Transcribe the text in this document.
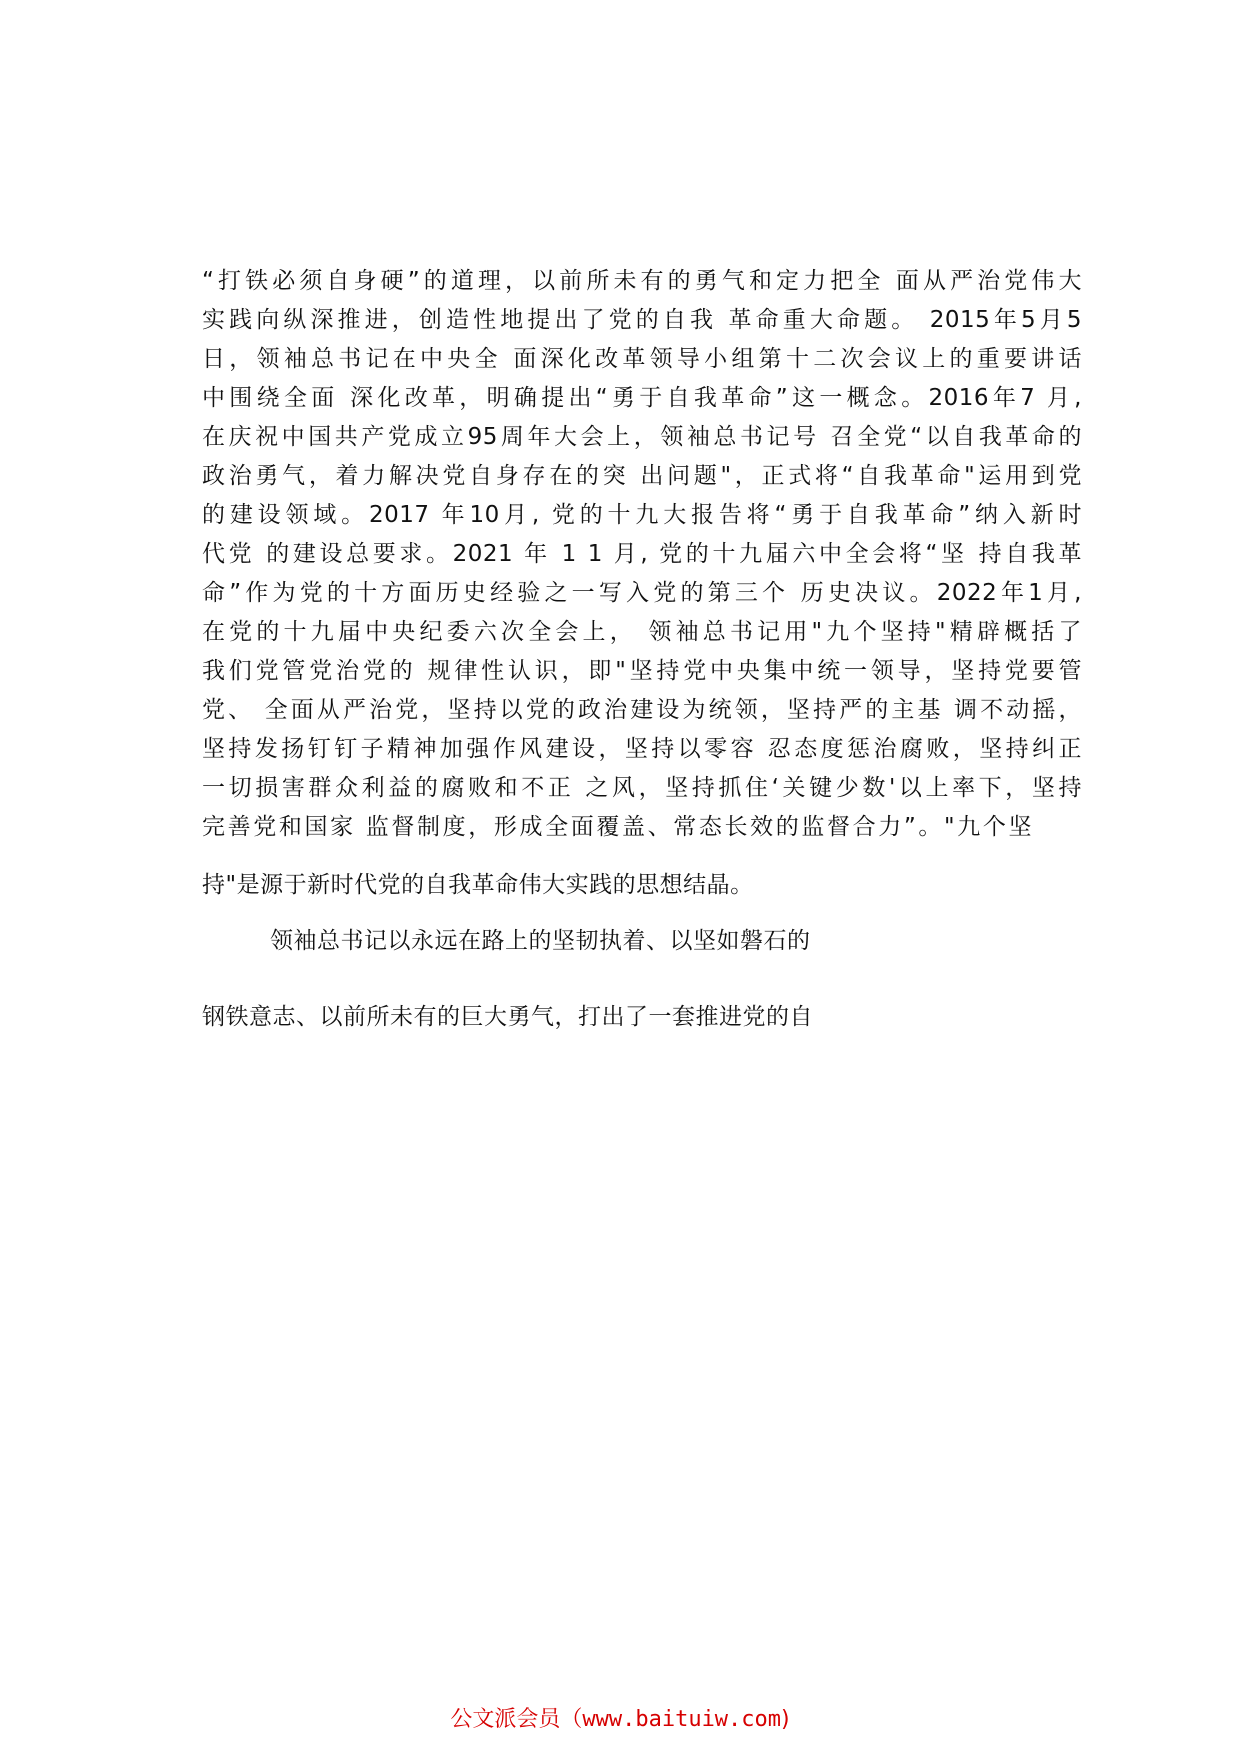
“打铁必须自身硬”的道理，以前所未有的勇气和定力把全 面从严治党伟大
实践向纵深推进，创造性地提出了党的自我 革命重大命题。 2015年5月5
日，领袖总书记在中央全 面深化改革领导小组第十二次会议上的重要讲话
中围绕全面 深化改革，明确提出“勇于自我革命”这一概念。2016年7 月,
在庆祝中国共产党成立95周年大会上，领袖总书记号 召全党“以自我革命的
政治勇气，着力解决党自身存在的突 出问题"，正式将“自我革命"运用到党
的建设领域。2017 年10月, 党的十九大报告将“勇于自我革命”纳入新时
代党 的建设总要求。2021 年 1 1 月, 党的十九届六中全会将“坚 持自我革
命”作为党的十方面历史经验之一写入党的第三个 历史决议。2022年1月,
在党的十九届中央纪委六次全会上， 领袖总书记用"九个坚持"精辟概括了
我们党管党治党的 规律性认识，即"坚持党中央集中统一领导，坚持党要管
党、 全面从严治党，坚持以党的政治建设为统领，坚持严的主基 调不动摇，
坚持发扬钉钉子精神加强作风建设，坚持以零容 忍态度惩治腐败，坚持纠正
一切损害群众利益的腐败和不正 之风，坚持抓住‘关键少数'以上率下，坚持
完善党和国家 监督制度，形成全面覆盖、常态长效的监督合力”。"九个坚
持"是源于新时代党的自我革命伟大实践的思想结晶。
领袖总书记以永远在路上的坚韧执着、以坚如磐石的
钢铁意志、以前所未有的巨大勇气，打出了一套推进党的自
公文派会员（www.baituiw.com)
